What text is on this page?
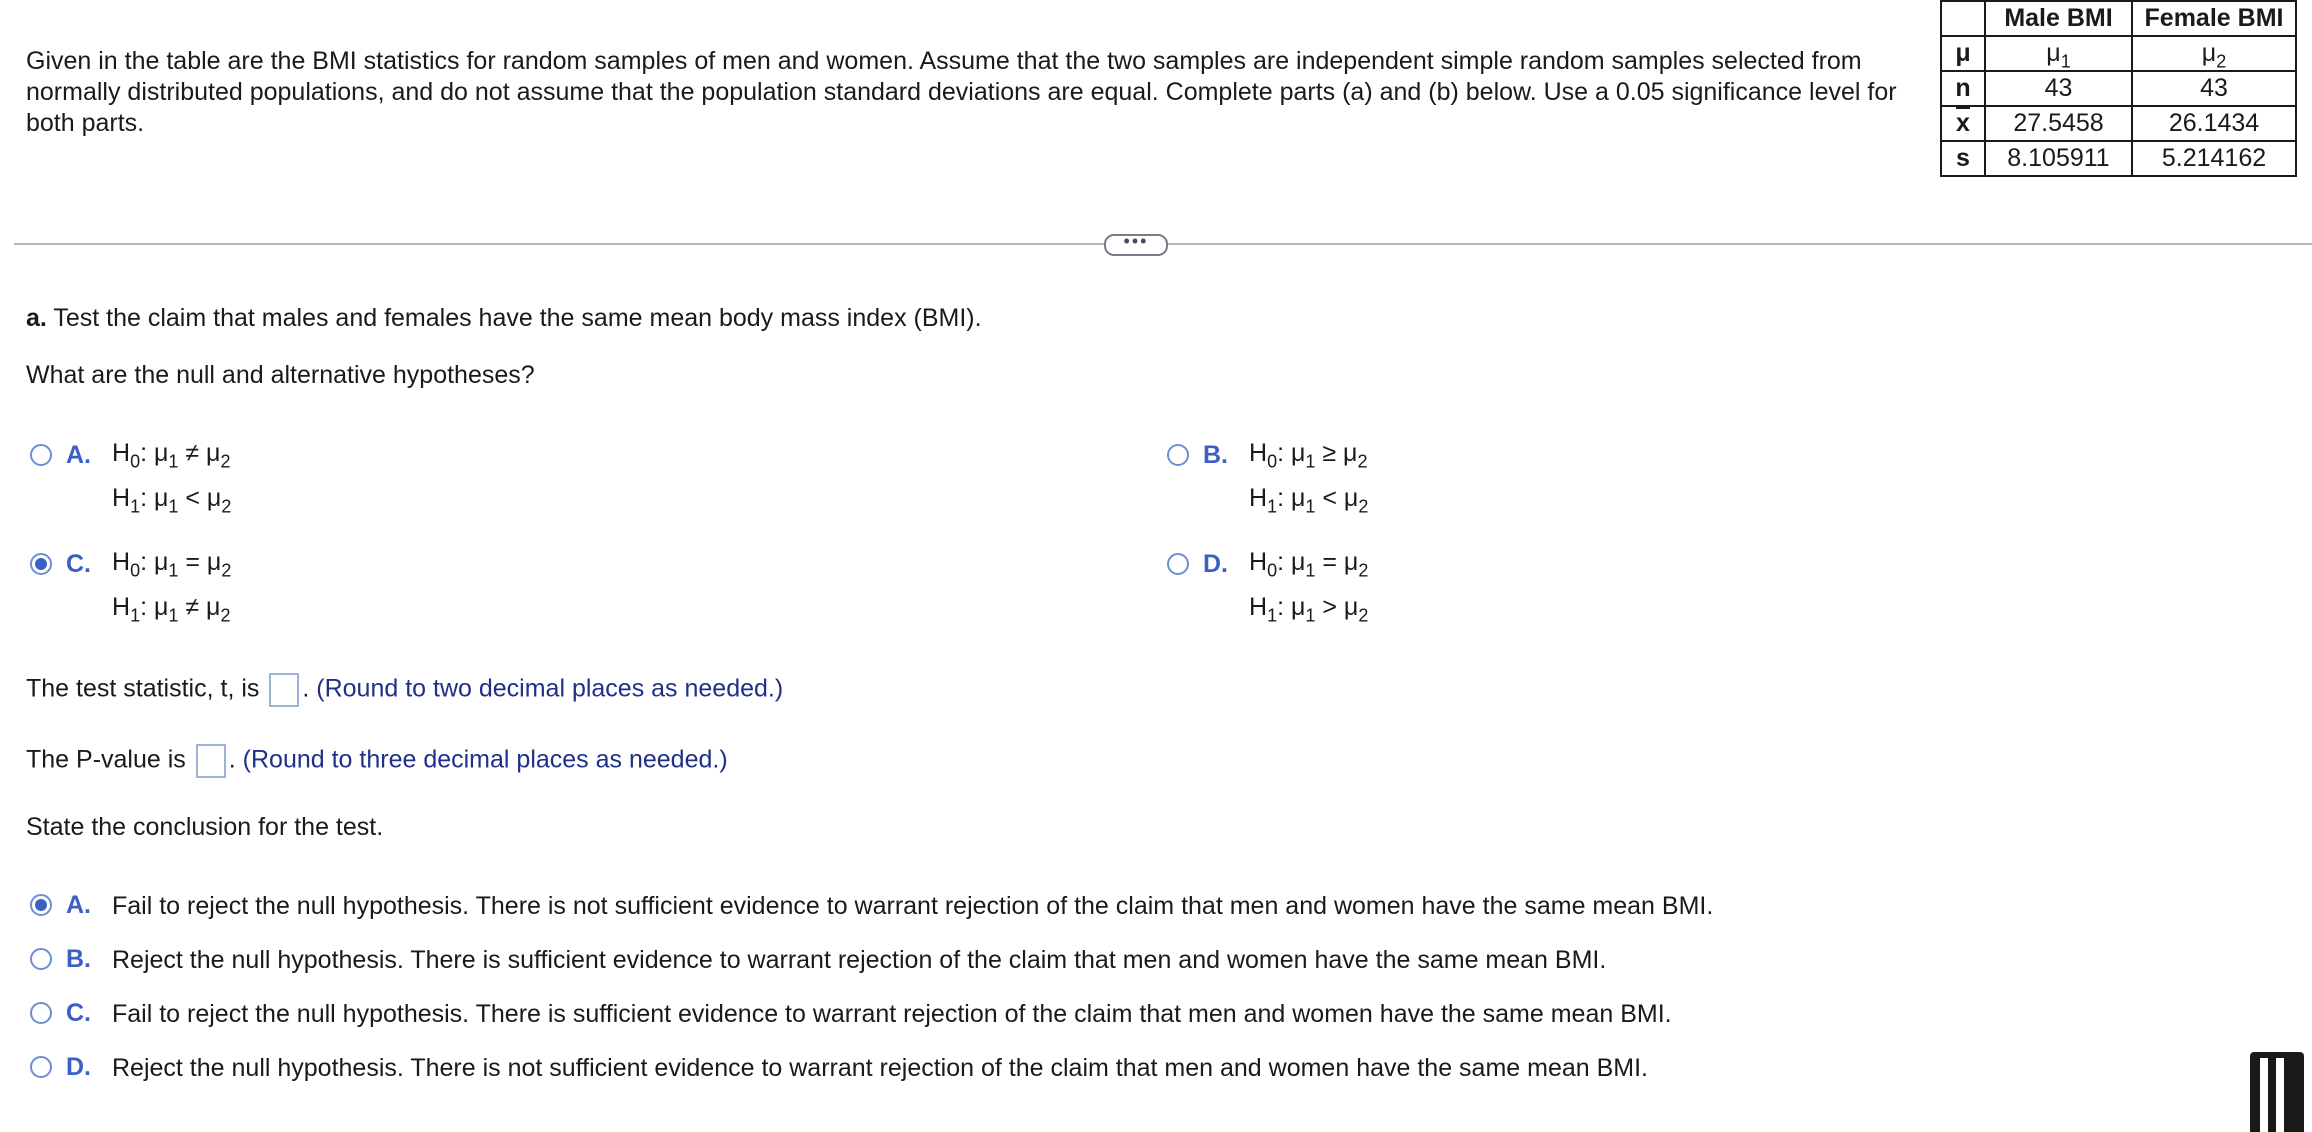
Given in the table are the BMI statistics for random samples of men and women. Assume that the two samples are independent simple random samples selected from normally distributed populations, and do not assume that the population standard deviations are equal. Complete parts (a) and (b) below. Use a 0.05 significance level for both parts.
	Male BMI	Female BMI
μ	$\mu_1$	$\mu_2$
n	43	43
$\overline{x}$	27.5458	26.1434
s	8.105911	5.214162
•••
a. Test the claim that males and females have the same mean body mass index (BMI).
What are the null and alternative hypotheses?
A. $H_0$: $\mu_1 \ne \mu_2$
$H_1$: $\mu_1 < \mu_2$
B. $H_0$: $\mu_1 \ge \mu_2$
$H_1$: $\mu_1 < \mu_2$
C. $H_0$: $\mu_1 = \mu_2$
$H_1$: $\mu_1 \ne \mu_2$
D. $H_0$: $\mu_1 = \mu_2$
$H_1$: $\mu_1 > \mu_2$
The test statistic, t, is . (Round to two decimal places as needed.)
The P-value is . (Round to three decimal places as needed.)
State the conclusion for the test.
A. Fail to reject the null hypothesis. There is not sufficient evidence to warrant rejection of the claim that men and women have the same mean BMI.
B. Reject the null hypothesis. There is sufficient evidence to warrant rejection of the claim that men and women have the same mean BMI.
C. Fail to reject the null hypothesis. There is sufficient evidence to warrant rejection of the claim that men and women have the same mean BMI.
D. Reject the null hypothesis. There is not sufficient evidence to warrant rejection of the claim that men and women have the same mean BMI.
